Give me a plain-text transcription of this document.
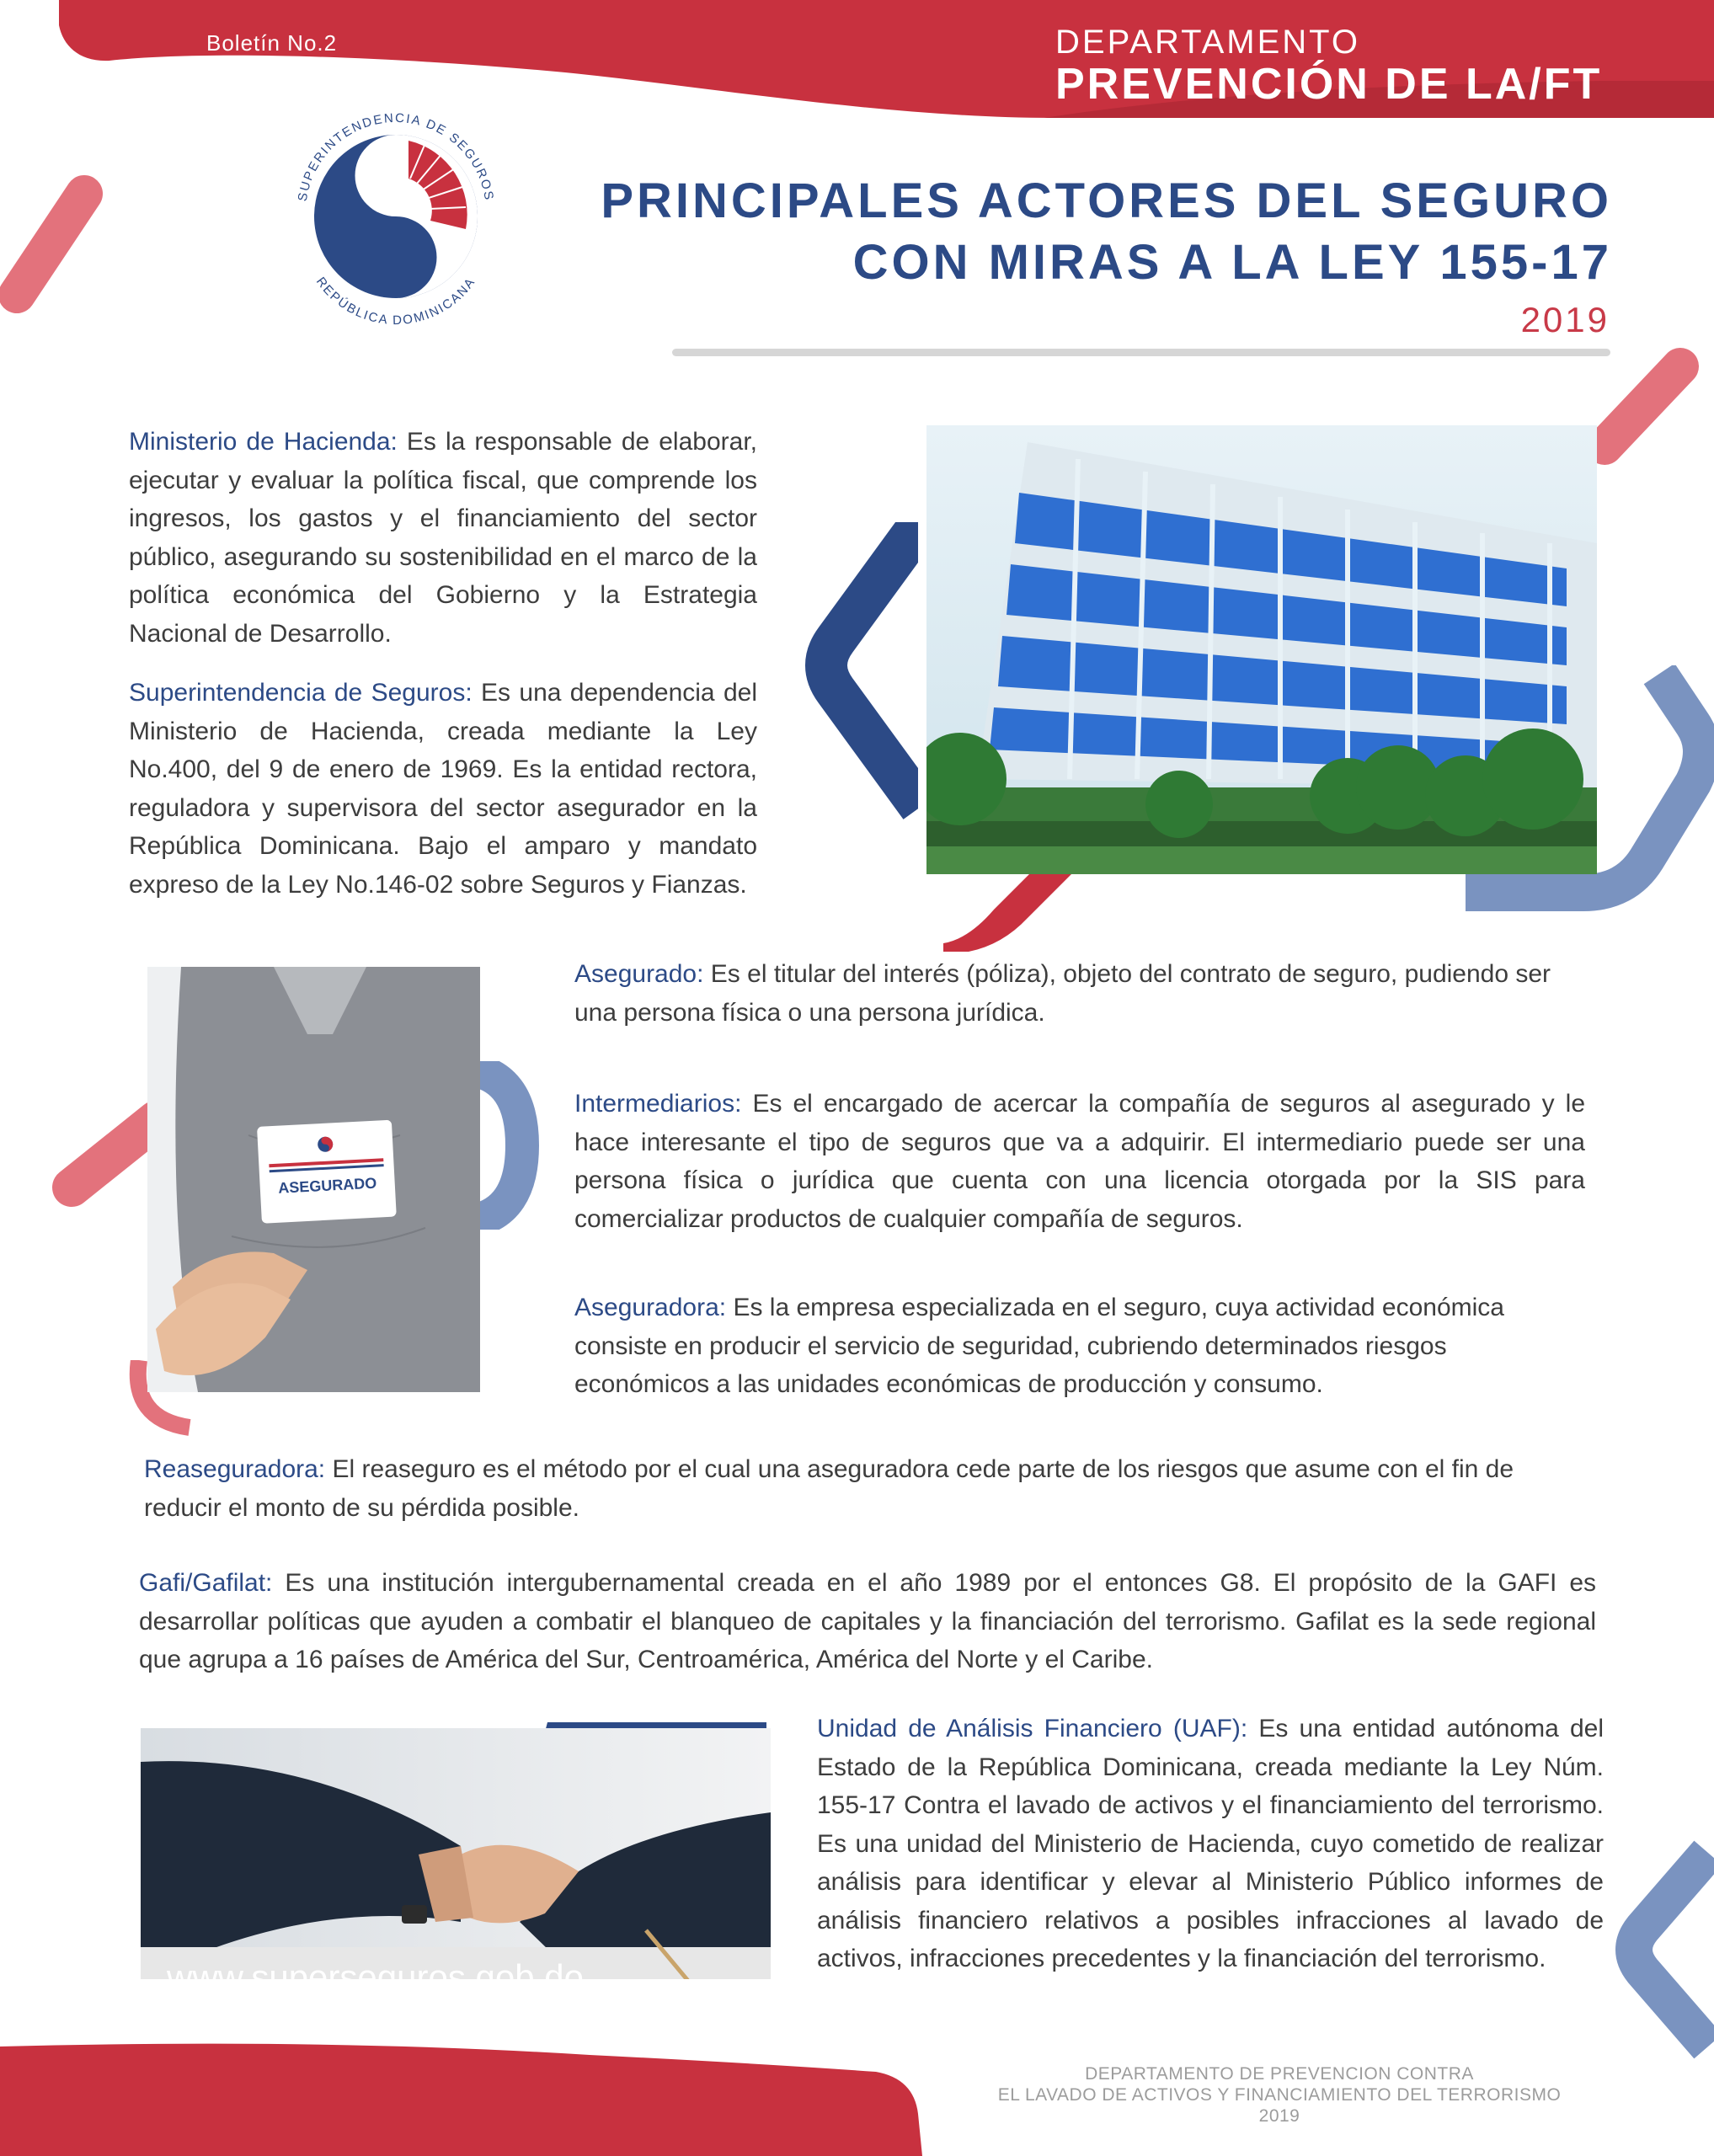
Boletín No.2	DEPARTAMENTO
PREVENCIÓN DE LA/FT
SUPERINTENDENCIA DE SEGUROS
REPÚBLICA DOMINICANA
PRINCIPALES ACTORES DEL SEGURO
CON MIRAS A LA LEY 155-17
2019
Ministerio de Hacienda: Es la responsable de elaborar, ejecutar y evaluar la política fiscal, que comprende los ingresos, los gastos y el financiamiento del sector público, asegurando su sostenibilidad en el marco de la política económica del Gobierno y la Estrategia Nacional de Desarrollo.
Superintendencia de Seguros: Es una dependencia del Ministerio de Hacienda, creada mediante la Ley No.400, del 9 de enero de 1969. Es la entidad rectora, reguladora y supervisora del sector asegurador en la República Dominicana. Bajo el amparo y mandato expreso de la Ley No.146-02 sobre Seguros y Fianzas.
ASEGURADO
Asegurado: Es el titular del interés (póliza), objeto del contrato de seguro, pudiendo ser una persona física o una persona jurídica.
Intermediarios: Es el encargado de acercar la compañía de seguros al asegurado y le hace interesante el tipo de seguros que va a adquirir. El intermediario puede ser una persona física o jurídica que cuenta con una licencia otorgada por la SIS para comercializar productos de cualquier compañía de seguros.
Aseguradora: Es la empresa especializada en el seguro, cuya actividad económica consiste en producir el servicio de seguridad, cubriendo determinados riesgos económicos a las unidades económicas de producción y consumo.
Reaseguradora: El reaseguro es el método por el cual una aseguradora cede parte de los riesgos que asume con el fin de reducir el monto de su pérdida posible.
Gafi/Gafilat: Es una institución intergubernamental creada en el año 1989 por el entonces G8. El propósito de la GAFI es desarrollar políticas que ayuden a combatir el blanqueo de capitales y la financiación del terrorismo. Gafilat es la sede regional que agrupa a 16 países de América del Sur, Centroamérica, América del Norte y el Caribe.
Unidad de Análisis Financiero (UAF): Es una entidad autónoma del Estado de la República Dominicana, creada mediante la Ley Núm. 155-17 Contra el lavado de activos y el financiamiento del terrorismo. Es una unidad del Ministerio de Hacienda, cuyo cometido de realizar análisis para identificar y elevar al Ministerio Público informes de análisis financiero relativos a posibles infracciones al lavado de activos, infracciones precedentes y la financiación del terrorismo.
www.superseguros.gob.do
DEPARTAMENTO DE PREVENCION CONTRA
EL LAVADO DE ACTIVOS Y FINANCIAMIENTO DEL TERRORISMO
2019
